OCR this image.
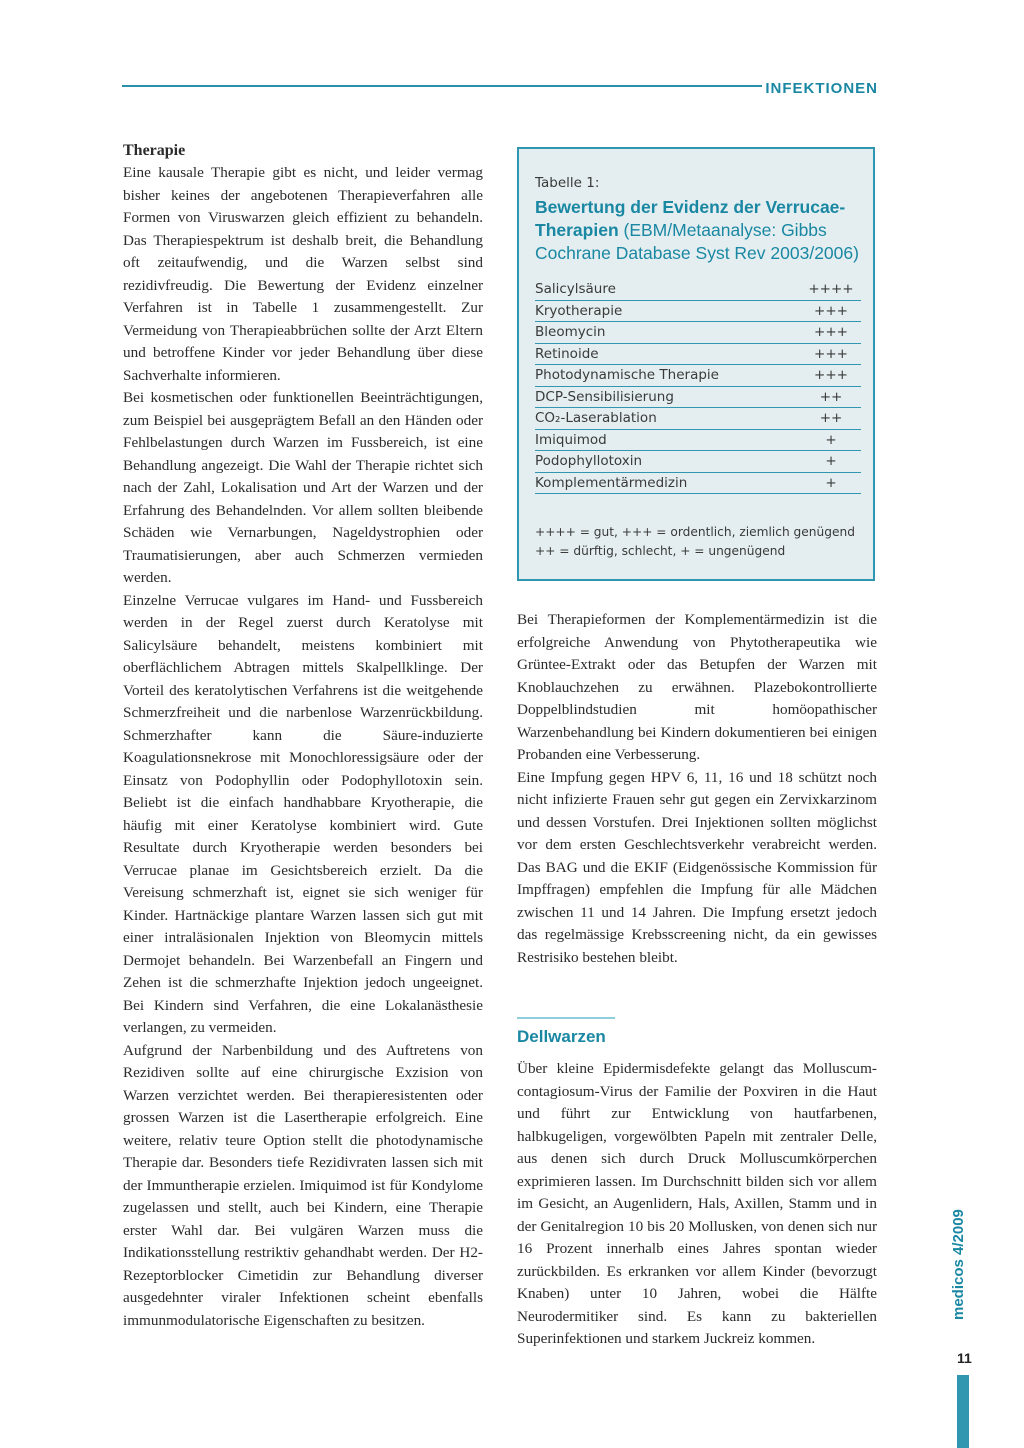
INFEKTIONEN
Therapie

Eine kausale Therapie gibt es nicht, und leider vermag bisher keines der angebotenen Therapieverfahren alle Formen von Viruswarzen gleich effizient zu behandeln. Das Therapiespektrum ist deshalb breit, die Behandlung oft zeitaufwendig, und die Warzen selbst sind rezidivfreudig. Die Bewertung der Evidenz einzelner Verfahren ist in Tabelle 1 zusammengestellt. Zur Vermeidung von Therapieabbrüchen sollte der Arzt Eltern und betroffene Kinder vor jeder Behandlung über diese Sachverhalte informieren.

Bei kosmetischen oder funktionellen Beeinträchtigungen, zum Beispiel bei ausgeprägtem Befall an den Händen oder Fehlbelastungen durch Warzen im Fussbereich, ist eine Behandlung angezeigt. Die Wahl der Therapie richtet sich nach der Zahl, Lokalisation und Art der Warzen und der Erfahrung des Behandelnden. Vor allem sollten bleibende Schäden wie Vernarbungen, Nageldystrophien oder Traumatisierungen, aber auch Schmerzen vermieden werden.

Einzelne Verrucae vulgares im Hand- und Fussbereich werden in der Regel zuerst durch Keratolyse mit Salicylsäure behandelt, meistens kombiniert mit oberflächlichem Abtragen mittels Skalpellklinge. Der Vorteil des keratolytischen Verfahrens ist die weitgehende Schmerzfreiheit und die narbenlose Warzenrückbildung. Schmerzhafter kann die Säure-induzierte Koagulationsnekrose mit Monochloressigsäure oder der Einsatz von Podophyllin oder Podophyllotoxin sein. Beliebt ist die einfach handhabbare Kryotherapie, die häufig mit einer Keratolyse kombiniert wird. Gute Resultate durch Kryotherapie werden besonders bei Verrucae planae im Gesichtsbereich erzielt. Da die Vereisung schmerzhaft ist, eignet sie sich weniger für Kinder. Hartnäckige plantare Warzen lassen sich gut mit einer intraläsionalen Injektion von Bleomycin mittels Dermojet behandeln. Bei Warzenbefall an Fingern und Zehen ist die schmerzhafte Injektion jedoch ungeeignet. Bei Kindern sind Verfahren, die eine Lokalanästhesie verlangen, zu vermeiden.

Aufgrund der Narbenbildung und des Auftretens von Rezidiven sollte auf eine chirurgische Exzision von Warzen verzichtet werden. Bei therapieresistenten oder grossen Warzen ist die Lasertherapie erfolgreich. Eine weitere, relativ teure Option stellt die photodynamische Therapie dar. Besonders tiefe Rezidivraten lassen sich mit der Immuntherapie erzielen. Imiquimod ist für Kondylome zugelassen und stellt, auch bei Kindern, eine Therapie erster Wahl dar. Bei vulgären Warzen muss die Indikationsstellung restriktiv gehandhabt werden. Der H2-Rezeptorblocker Cimetidin zur Behandlung diverser ausgedehnter viraler Infektionen scheint ebenfalls immunmodulatorische Eigenschaften zu besitzen.

Tabelle 1:
Bewertung der Evidenz der Verrucae-Therapien (EBM/Metaanalyse: Gibbs Cochrane Database Syst Rev 2003/2006)
Salicylsäure	++++
Kryotherapie	+++
Bleomycin	+++
Retinoide	+++
Photodynamische Therapie	+++
DCP-Sensibilisierung	++
CO₂-Laserablation	++
Imiquimod	+
Podophyllotoxin	+
Komplementärmedizin	+
++++ = gut, +++ = ordentlich, ziemlich genügend
++ = dürftig, schlecht, + = ungenügend

Bei Therapieformen der Komplementärmedizin ist die erfolgreiche Anwendung von Phytotherapeutika wie Grüntee-Extrakt oder das Betupfen der Warzen mit Knoblauchzehen zu erwähnen. Plazebokontrollierte Doppelblindstudien mit homöopathischer Warzenbehandlung bei Kindern dokumentieren bei einigen Probanden eine Verbesserung.

Eine Impfung gegen HPV 6, 11, 16 und 18 schützt noch nicht infizierte Frauen sehr gut gegen ein Zervixkarzinom und dessen Vorstufen. Drei Injektionen sollten möglichst vor dem ersten Geschlechtsverkehr verabreicht werden. Das BAG und die EKIF (Eidgenössische Kommission für Impffragen) empfehlen die Impfung für alle Mädchen zwischen 11 und 14 Jahren. Die Impfung ersetzt jedoch das regelmässige Krebsscreening nicht, da ein gewisses Restrisiko bestehen bleibt.

Dellwarzen

Über kleine Epidermisdefekte gelangt das Molluscum-contagiosum-Virus der Familie der Poxviren in die Haut und führt zur Entwicklung von hautfarbenen, halbkugeligen, vorgewölbten Papeln mit zentraler Delle, aus denen sich durch Druck Molluscumkörperchen exprimieren lassen. Im Durchschnitt bilden sich vor allem im Gesicht, an Augenlidern, Hals, Axillen, Stamm und in der Genitalregion 10 bis 20 Mollusken, von denen sich nur 16 Prozent innerhalb eines Jahres spontan wieder zurückbilden. Es erkranken vor allem Kinder (bevorzugt Knaben) unter 10 Jahren, wobei die Hälfte Neurodermitiker sind. Es kann zu bakteriellen Superinfektionen und starkem Juckreiz kommen.

medicos 4/2009
11
